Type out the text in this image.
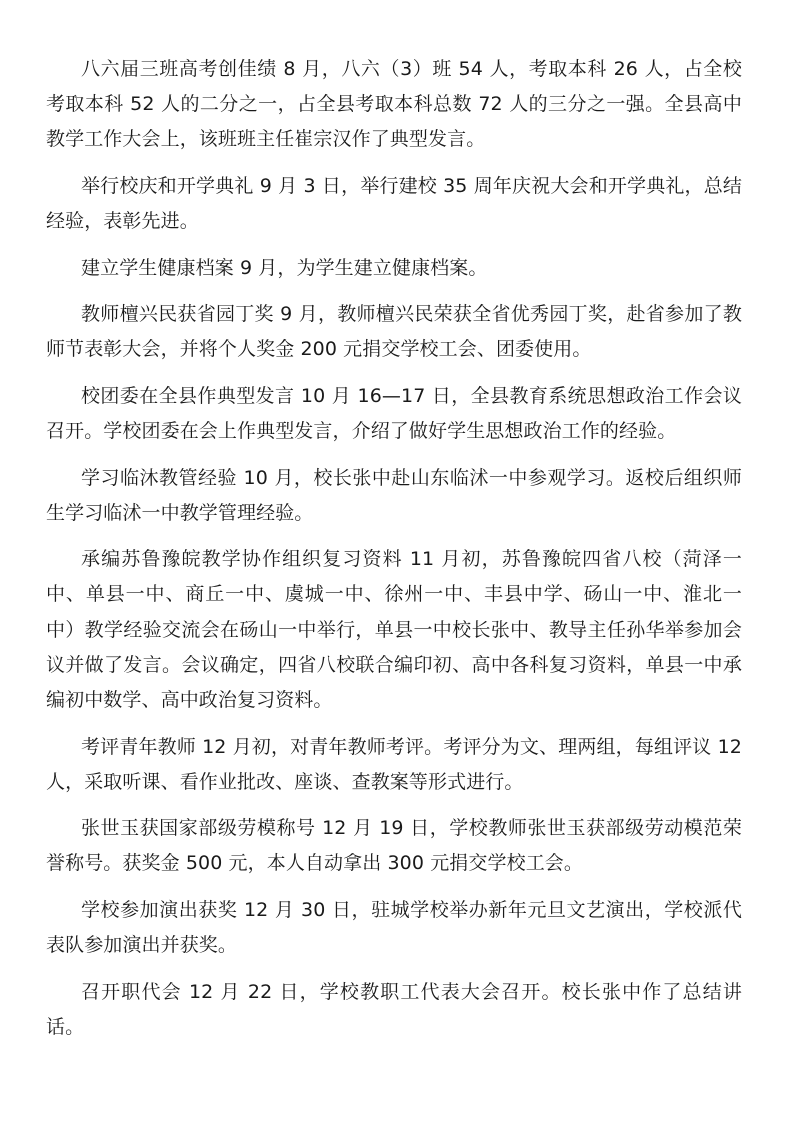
八六届三班高考创佳绩 8 月，八六（3）班 54 人，考取本科 26 人，占全校考取本科 52 人的二分之一，占全县考取本科总数 72 人的三分之一强。全县高中教学工作大会上，该班班主任崔宗汉作了典型发言。

举行校庆和开学典礼 9 月 3 日，举行建校 35 周年庆祝大会和开学典礼，总结经验，表彰先进。

建立学生健康档案 9 月，为学生建立健康档案。

教师檀兴民获省园丁奖 9 月，教师檀兴民荣获全省优秀园丁奖，赴省参加了教师节表彰大会，并将个人奖金 200 元捐交学校工会、团委使用。

校团委在全县作典型发言 10 月 16—17 日，全县教育系统思想政治工作会议召开。学校团委在会上作典型发言，介绍了做好学生思想政治工作的经验。

学习临沐教管经验 10 月，校长张中赴山东临沭一中参观学习。返校后组织师生学习临沭一中教学管理经验。

承编苏鲁豫皖教学协作组织复习资料 11 月初，苏鲁豫皖四省八校（菏泽一中、单县一中、商丘一中、虞城一中、徐州一中、丰县中学、砀山一中、淮北一中）教学经验交流会在砀山一中举行，单县一中校长张中、教导主任孙华举参加会议并做了发言。会议确定，四省八校联合编印初、高中各科复习资料，单县一中承编初中数学、高中政治复习资料。

考评青年教师 12 月初，对青年教师考评。考评分为文、理两组，每组评议 12 人，采取听课、看作业批改、座谈、查教案等形式进行。

张世玉获国家部级劳模称号 12 月 19 日，学校教师张世玉获部级劳动模范荣誉称号。获奖金 500 元，本人自动拿出 300 元捐交学校工会。

学校参加演出获奖 12 月 30 日，驻城学校举办新年元旦文艺演出，学校派代表队参加演出并获奖。

召开职代会 12 月 22 日，学校教职工代表大会召开。校长张中作了总结讲话。
